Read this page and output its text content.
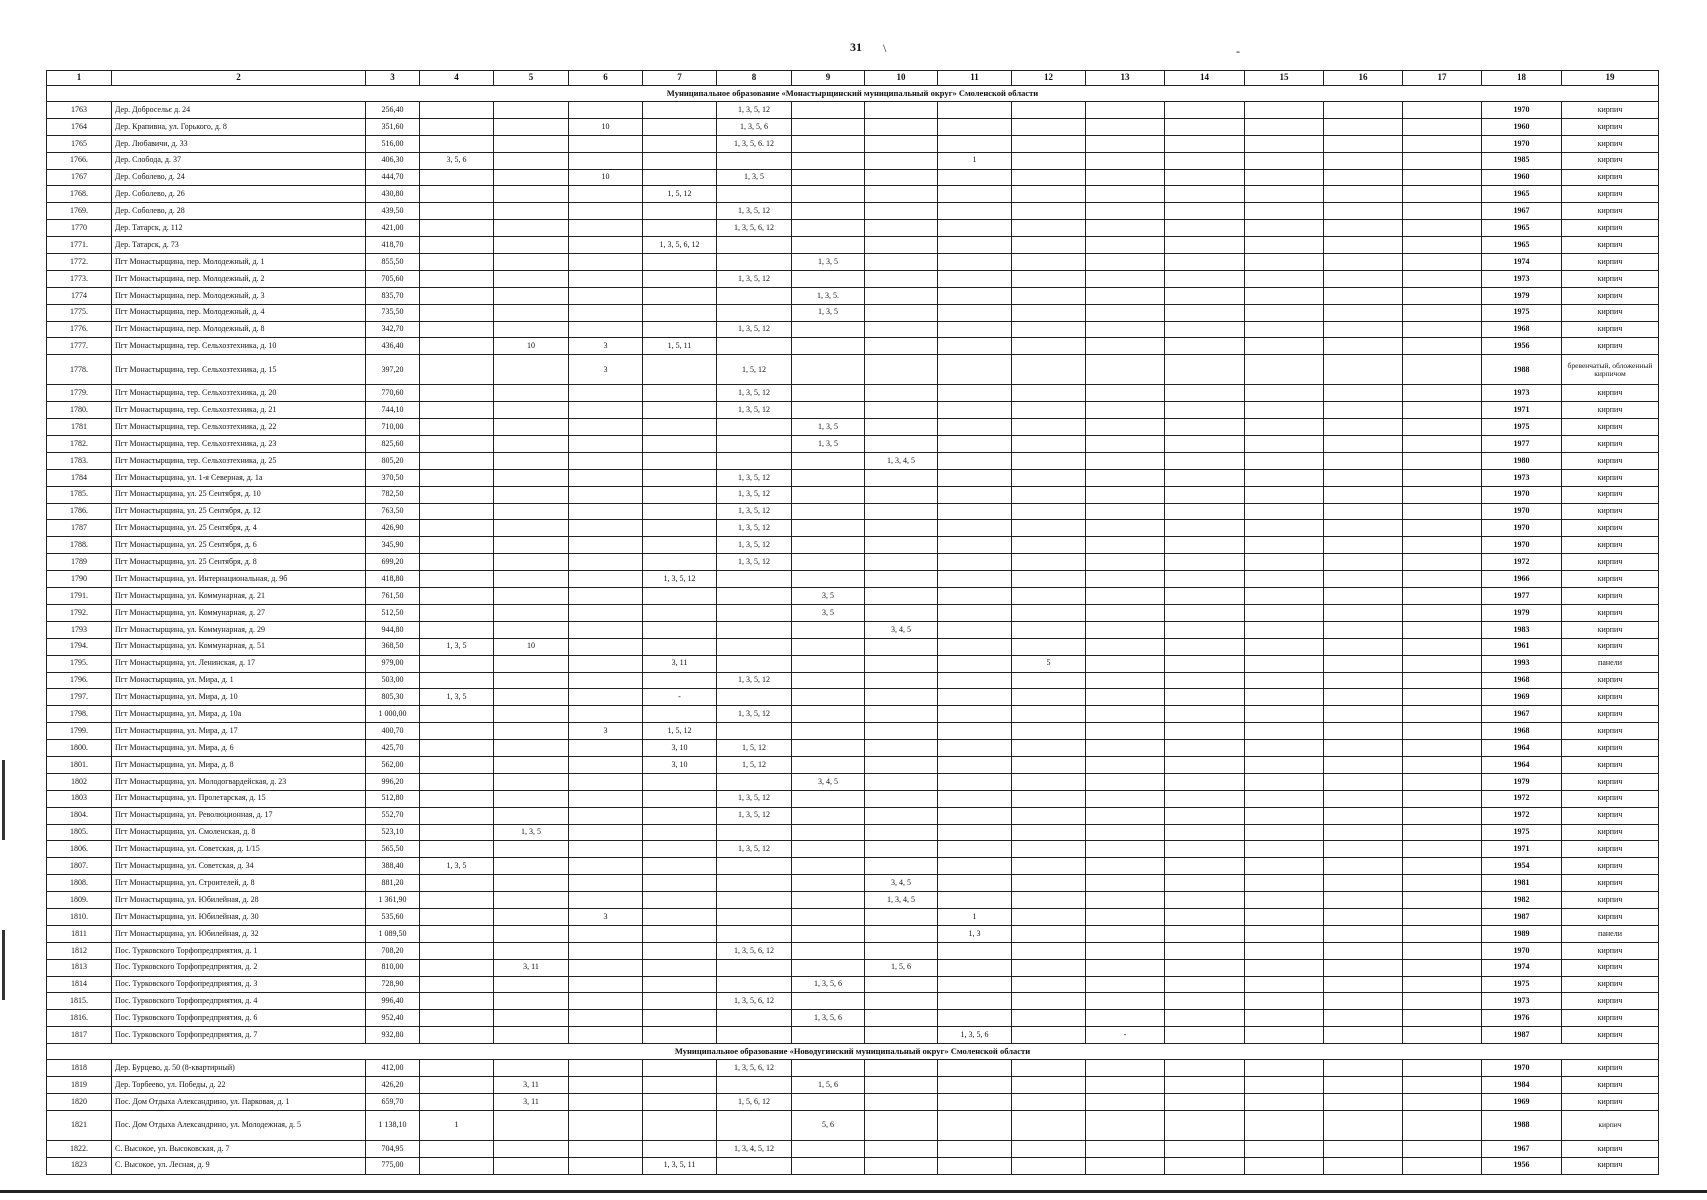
31 \	-
1	2	3	4	5	6	7	8	9	10	11	12	13	14	15	16	17	18	19
Муниципальное образование «Монастырщинский муниципальный округ» Смоленской области																		
1763	Дер. Добросельє д. 24	256,40					1, 3, 5, 12										1970	кирпич
1764	Дер. Крапивна, ул. Горького, д. 8	351,60			10		1, 3, 5, 6										1960	кирпич
1765	Дер. Любавичи, д. 33	516,00					1, 3, 5, 6. 12										1970	кирпич
1766.	Дер. Слобода, д. 37	406,30	3, 5, 6							1							1985	кирпич
1767	Дер. Соболево, д. 24	444,70			10		1, 3, 5										1960	кирпич
1768.	Дер. Соболево, д. 26	430,80				1, 5, 12											1965	кирпич
1769.	Дер. Соболево, д. 28	439,50					1, 3, 5, 12										1967	кирпич
1770	Дер. Татарск, д. 112	421,00					1, 3, 5, 6, 12										1965	кирпич
1771.	Дер. Татарск, д. 73	418,70				1, 3, 5, 6, 12											1965	кирпич
1772.	Пгт Монастырщина, пер. Молодежный, д. 1	855,50						1, 3, 5									1974	кирпич
1773.	Пгт Монастырщина, пер. Молодежный, д. 2	705,60					1, 3, 5, 12										1973	кирпич
1774	Пгт Монастырщина, пер. Молодежный, д. 3	835,70						1, 3, 5.									1979	кирпич
1775.	Пгт Монастырщина, пер. Молодежный, д. 4	735,50						1, 3, 5									1975	кирпич
1776.	Пгт Монастырщина, пер. Молодежный, д. 8	342,70					1, 3, 5, 12										1968	кирпич
1777.	Пгт Монастырщина, тер. Сельхозтехника, д. 10	436,40		10	3	1, 5, 11											1956	кирпич
1778.	Пгт Монастырщина, тер. Сельхозтехника, д. 15	397,20			3		1, 5, 12										1988	бревенчатый, обложенный кирпичом
1779.	Пгт Монастырщина, тер. Сельхозтехника, д. 20	770,60					1, 3, 5, 12										1973	кирпич
1780.	Пгт Монастырщина, тер. Сельхозтехника, д. 21	744,10					1, 3, 5, 12										1971	кирпич
1781	Пгт Монастырщина, тер. Сельхозтехника, д. 22	710,00						1, 3, 5									1975	кирпич
1782.	Пгт Монастырщина, тер. Сельхозтехника, д. 23	825,60						1, 3, 5									1977	кирпич
1783.	Пгт Монастырщина, тер. Сельхозтехника, д. 25	805,20							1, 3, 4, 5								1980	кирпич
1784	Пгт Монастырщина, ул. 1-я Северная, д. 1а	370,50					1, 3, 5, 12										1973	кирпич
1785.	Пгт Монастырщина, ул. 25 Сентября, д. 10	782,50					1, 3, 5, 12										1970	кирпич
1786.	Пгт Монастырщина, ул. 25 Сентября, д. 12	763,50					1, 3, 5, 12										1970	кирпич
1787	Пгт Монастырщина, ул. 25 Сентября, д. 4	426,90					1, 3, 5, 12										1970	кирпич
1788.	Пгт Монастырщина, ул. 25 Сентября, д. 6	345,90					1, 3, 5, 12										1970	кирпич
1789	Пгт Монастырщина, ул. 25 Сентября, д. 8	699,20					1, 3, 5, 12										1972	кирпич
1790	Пгт Монастырщина, ул. Интернациональная, д. 9б	418,80				1, 3, 5, 12											1966	кирпич
1791.	Пгт Монастырщина, ул. Коммунарная, д. 21	761,50						3, 5									1977	кирпич
1792.	Пгт Монастырщина, ул. Коммунарная, д. 27	512,50						3, 5									1979	кирпич
1793	Пгт Монастырщина, ул. Коммунарная, д. 29	944,80							3, 4, 5								1983	кирпич
1794.	Пгт Монастырщина, ул. Коммунарная, д. 51	368,50	1, 3, 5	10													1961	кирпич
1795.	Пгт Монастырщина, ул. Ленинская, д. 17	979,00				3, 11					5						1993	панели
1796.	Пгт Монастырщина, ул. Мира, д. 1	503,00					1, 3, 5, 12										1968	кирпич
1797.	Пгт Монастырщина, ул. Мира, д. 10	805,30	1, 3, 5			-											1969	кирпич
1798.	Пгт Монастырщина, ул. Мира, д. 10а	1 000,00					1, 3, 5, 12										1967	кирпич
1799.	Пгт Монастырщина, ул. Мира, д. 17	400,70			3	1, 5, 12											1968	кирпич
1800.	Пгт Монастырщина, ул. Мира, д. 6	425,70				3, 10	1, 5, 12										1964	кирпич
1801.	Пгт Монастырщина, ул. Мира, д. 8	562,00				3, 10	1, 5, 12										1964	кирпич
1802	Пгт Монастырщина, ул. Молодогвардейская, д. 23	996,20						3, 4, 5									1979	кирпич
1803	Пгт Монастырщина, ул. Пролетарская, д. 15	512,80					1, 3, 5, 12										1972	кирпич
1804.	Пгт Монастырщина, ул. Революционная, д. 17	552,70					1, 3, 5, 12										1972	кирпич
1805.	Пгт Монастырщина, ул. Смоленская, д. 8	523,10		1, 3, 5													1975	кирпич
1806.	Пгт Монастырщина, ул. Советская, д. 1/15	565,50					1, 3, 5, 12										1971	кирпич
1807.	Пгт Монастырщина, ул. Советская, д. 34	388,40	1, 3, 5														1954	кирпич
1808.	Пгт Монастырщина, ул. Строителей, д. 8	881,20							3, 4, 5								1981	кирпич
1809.	Пгт Монастырщина, ул. Юбилейная, д. 28	1 361,90							1, 3, 4, 5								1982	кирпич
1810.	Пгт Монастырщина, ул. Юбилейная, д. 30	535,60			3					1							1987	кирпич
1811	Пгт Монастырщина, ул. Юбилейная, д. 32	1 089,50								1, 3							1989	панели
1812	Пос. Турковского Торфопредприятия, д. 1	708,20					1, 3, 5, 6, 12										1970	кирпич
1813	Пос. Турковского Торфопредприятия, д. 2	810,00		3, 11					1, 5, 6								1974	кирпич
1814	Пос. Турковского Торфопредприятия, д. 3	728,90						1, 3, 5, 6									1975	кирпич
1815.	Пос. Турковского Торфопредприятия, д. 4	996,40					1, 3, 5, 6, 12										1973	кирпич
1816.	Пос. Турковского Торфопредприятия, д. 6	952,40						1, 3, 5, 6									1976	кирпич
1817	Пос. Турковского Торфопредприятия, д. 7	932,80								1, 3, 5, 6		-					1987	кирпич
Муниципальное образование «Новодугинский муниципальный округ» Смоленской области																		
1818	Дер. Бурцево, д. 50 (8-квартирный)	412,00					1, 3, 5, 6, 12										1970	кирпич
1819	Дер. Торбеево, ул. Победы, д. 22	426,20		3, 11				1, 5, 6									1984	кирпич
1820	Пос. Дом Отдыха Александрино, ул. Парковая, д. 1	659,70		3, 11			1, 5, 6, 12										1969	кирпич
1821	Пос. Дом Отдыха Александрино, ул. Молодежная, д. 5	1 138,10	1					5, 6									1988	кирпич
1822.	С. Высокое, ул. Высоковская, д. 7	704,95					1, 3, 4, 5, 12										1967	кирпич
1823	С. Высокое, ул. Лесная, д. 9	775,00				1, 3, 5, 11											1956	кирпич
